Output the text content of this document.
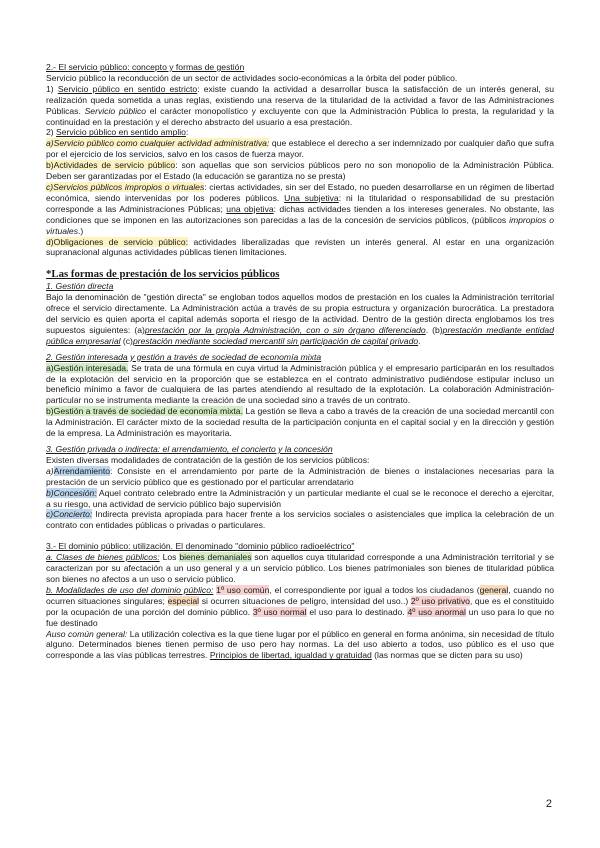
2.- El servicio público: concepto y formas de gestión

Servicio público la reconducción de un sector de actividades socio-económicas a la órbita del poder público.

1) Servicio público en sentido estricto: existe cuando la actividad a desarrollar busca la satisfacción de un interés general, su realización queda sometida a unas reglas, existiendo una reserva de la titularidad de la actividad a favor de las Administraciones Públicas. Servicio público el carácter monopolístico y excluyente con que la Administración Pública lo presta, la regularidad y la continuidad en la prestación y el derecho abstracto del usuario a esa prestación.

2) Servicio público en sentido amplio:

a)Servicio público como cualquier actividad administrativa: que establece el derecho a ser indemnizado por cualquier daño que sufra por el ejercicio de los servicios, salvo en los casos de fuerza mayor.

b)Actividades de servicio público: son aquellas que son servicios públicos pero no son monopolio de la Administración Pública. Deben ser garantizadas por el Estado (la educación se garantiza no se presta)

c)Servicios públicos impropios o virtuales: ciertas actividades, sin ser del Estado, no pueden desarrollarse en un régimen de libertad económica, siendo intervenidas por los poderes públicos. Una subjetiva: ni la titularidad o responsabilidad de su prestación corresponde a las Administraciones Públicas; una objetiva: dichas actividades tienden a los intereses generales. No obstante, las condiciones que se imponen en las autorizaciones son parecidas a las de la concesión de servicios públicos, (públicos impropios o virtuales.)

d)Obligaciones de servicio público: actividades liberalizadas que revisten un interés general. Al estar en una organización supranacional algunas actividades públicas tienen limitaciones.

*Las formas de prestación de los servicios públicos

1. Gestión directa

Bajo la denominación de "gestión directa" se engloban todos aquellos modos de prestación en los cuales la Administración territorial ofrece el servicio directamente. La Administración actúa a través de su propia estructura y organización burocrática. La prestadora del servicio es quien aporta el capital además soporta el riesgo de la actividad. Dentro de la gestión directa englobamos los tres supuestos siguientes: (a)prestación por la propia Administración, con o sin órgano diferenciado. (b)prestación mediante entidad pública empresarial (c)prestación mediante sociedad mercantil sin participación de capital privado.

2. Gestión interesada y gestión a través de sociedad de economía mixta

a)Gestión interesada. Se trata de una fórmula en cuya virtud la Administración pública y el empresario participarán en los resultados de la explotación del servicio en la proporción que se establezca en el contrato administrativo pudiéndose estipular incluso un beneficio mínimo a favor de cualquiera de las partes atendiendo al resultado de la explotación. La colaboración Administración-particular no se instrumenta mediante la creación de una sociedad sino a través de un contrato.

b)Gestión a través de sociedad de economía mixta. La gestión se lleva a cabo a través de la creación de una sociedad mercantil con la Administración. El carácter mixto de la sociedad resulta de la participación conjunta en el capital social y en la dirección y gestión de la empresa. La Administración es mayoritaria.

3. Gestión privada o indirecta: el arrendamiento, el concierto y la concesión

Existen diversas modalidades de contratación de la gestión de los servicios públicos:

a)Arrendamiento: Consiste en el arrendamiento por parte de la Administración de bienes o instalaciones necesarias para la prestación de un servicio público que es gestionado por el particular arrendatario

b)Concesión: Aquel contrato celebrado entre la Administración y un particular mediante el cual se le reconoce el derecho a ejercitar, a su riesgo, una actividad de servicio público bajo supervisión

c)Concierto: Indirecta prevista apropiada para hacer frente a los servicios sociales o asistenciales que implica la celebración de un contrato con entidades públicas o privadas o particulares.

3.- El dominio público: utilización. El denominado "dominio público radioeléctrico"

a. Clases de bienes públicos: Los bienes demaniales son aquellos cuya titularidad corresponde a una Administración territorial y se caracterizan por su afectación a un uso general y a un servicio público. Los bienes patrimoniales son bienes de titularidad pública son bienes no afectos a un uso o servicio público.

b. Modalidades de uso del dominio público: 1º uso común, el correspondiente por igual a todos los ciudadanos (general, cuando no ocurren situaciones singulares; especial si ocurren situaciones de peligro, intensidad del uso..) 2º uso privativo, que es el constituido por la ocupación de una porción del dominio público. 3º uso normal el uso para lo destinado. 4º uso anormal un uso para lo que no fue destinado

Auso común general: La utilización colectiva es la que tiene lugar por el público en general en forma anónima, sin necesidad de título alguno. Determinados bienes tienen permiso de uso pero hay normas. La del uso abierto a todos, uso público es el uso que corresponde a las vías públicas terrestres. Principios de libertad, igualdad y gratuidad (las normas que se dicten para su uso)

2
